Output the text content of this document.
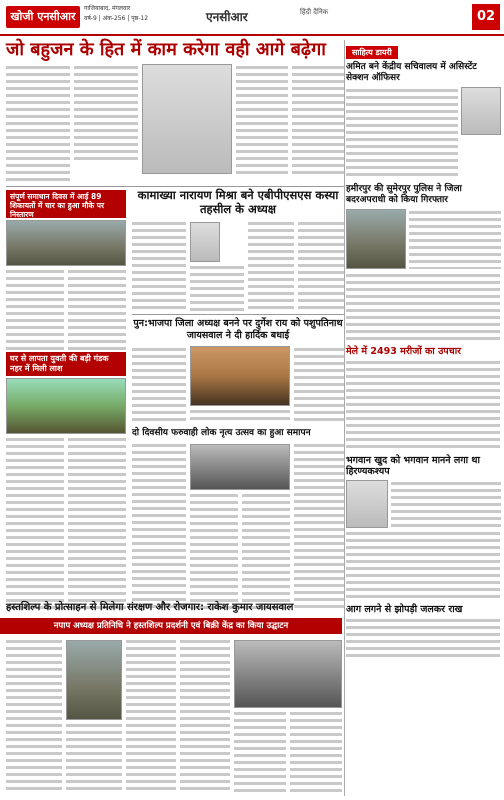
खोजी एनसीआर
गाजियाबाद, मंगलवार
वर्ष-9 | अंक-256 | पृष्ठ-12	एनसीआर	हिंदी दैनिक	02
जो बहुजन के हित में काम करेगा वही आगे बढ़ेगा
संपूर्ण समाधान दिवस में आई 89 शिकायतों में चार का हुआ मौके पर निस्तारण
कामाख्या नारायण मिश्रा बने एबीपीएसएस कस्या तहसील के अध्यक्ष
घर से लापता युवती की बड़ी गंडक नहर में मिली लाश
पुन:भाजपा जिला अध्यक्ष बनने पर दुर्गेश राय को पशुपतिनाथ जायसवाल ने दी हार्दिक बधाई
दो दिवसीय फरुवाही लोक नृत्य उत्सव का हुआ समापन
हस्तशिल्प के प्रोत्साहन से मिलेगा संरक्षण और रोजगार: राकेश कुमार जायसवाल
नपाप अध्यक्ष प्रतिनिधि ने हस्तशिल्प प्रदर्शनी एवं बिक्री केंद्र का किया उद्घाटन
साहित्य डायरी
अमित बने केंद्रीय सचिवालय में असिस्टेंट सेक्शन ऑफिसर
हमीरपुर की सुमेरपुर पुलिस ने जिला बदरअपराधी को किया गिरफ्तार
मेले में 2493 मरीजों का उपचार
भगवान खुद को भगवान मानने लगा था हिरण्यकश्यप
आग लगने से झोपड़ी जलकर राख
